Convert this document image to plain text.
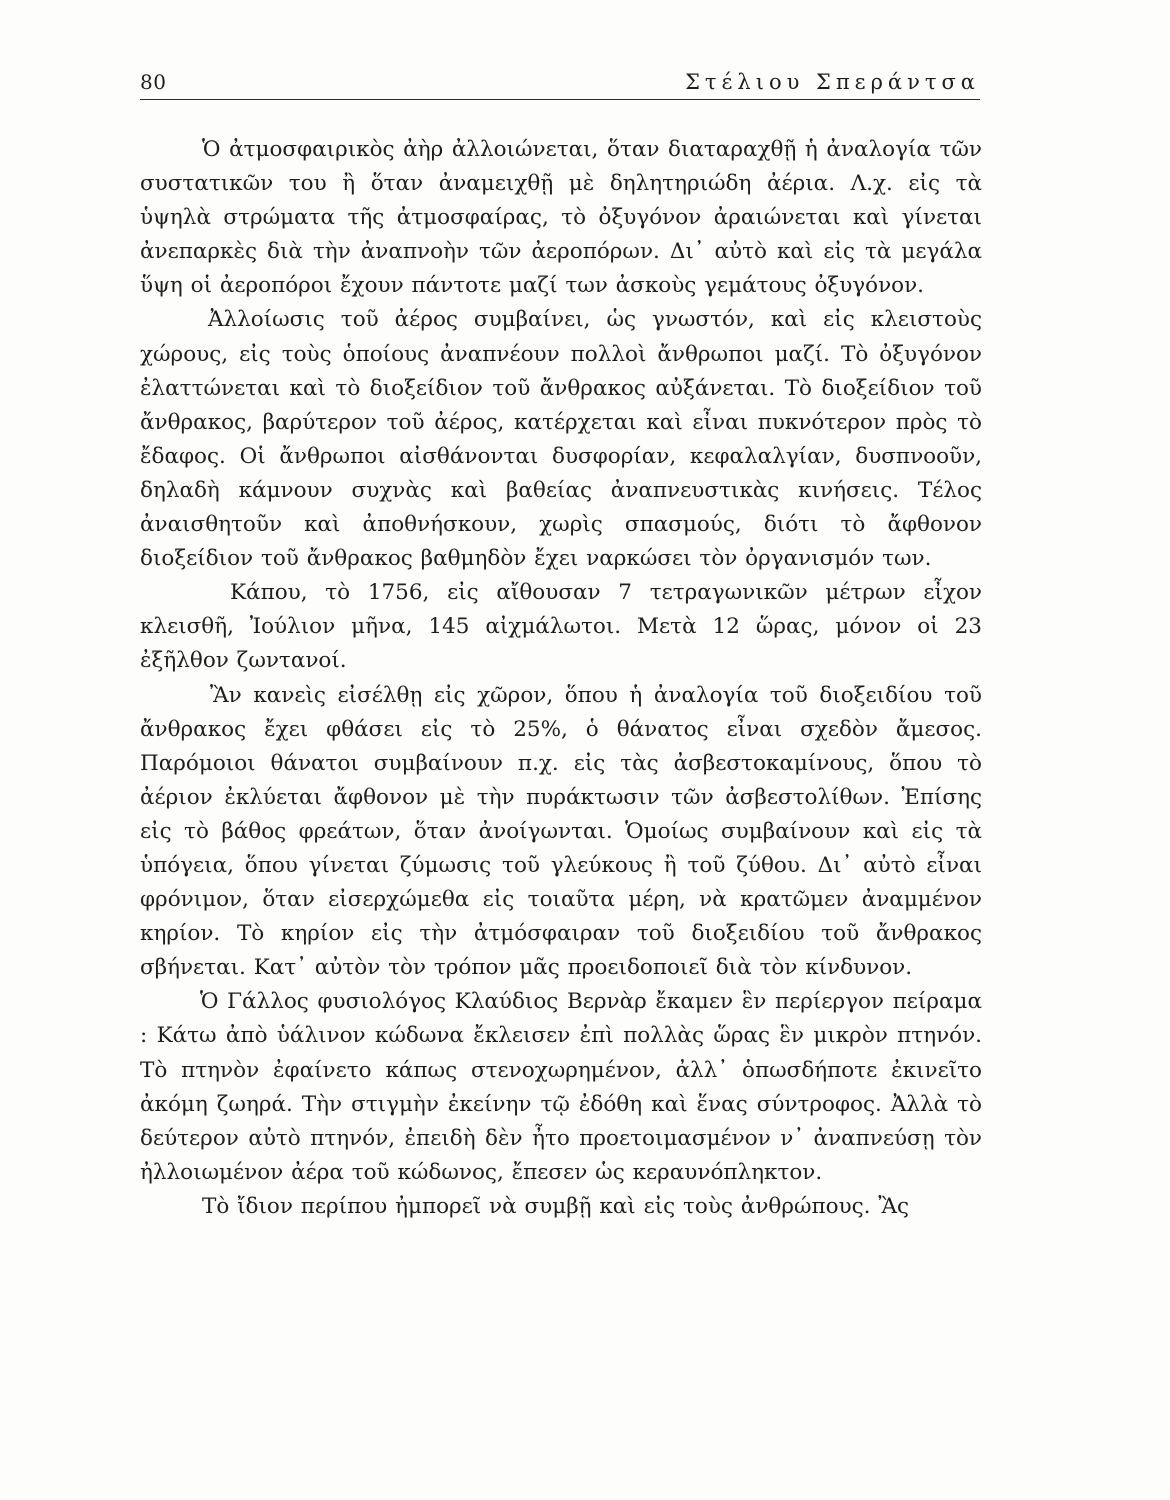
80	Στέλιου Σπεράντσα

Ὁ ἀτμοσφαιρικὸς ἀὴρ ἀλλοιώνεται, ὅταν διαταραχθῇ ἡ ἀναλογία τῶν συστατικῶν του ἢ ὅταν ἀναμειχθῇ μὲ δηλητηριώδη ἀέρια. Λ.χ. εἰς τὰ ὑψηλὰ στρώματα τῆς ἀτμοσφαίρας, τὸ ὀξυγόνον ἀραιώνεται καὶ γίνεται ἀνεπαρκὲς διὰ τὴν ἀναπνοὴν τῶν ἀεροπόρων. Δι᾽ αὐτὸ καὶ εἰς τὰ μεγάλα ὕψη οἱ ἀεροπόροι ἔχουν πάντοτε μαζί των ἀσκοὺς γεμάτους ὀξυγόνον.

Ἀλλοίωσις τοῦ ἀέρος συμβαίνει, ὡς γνωστόν, καὶ εἰς κλειστοὺς χώρους, εἰς τοὺς ὁποίους ἀναπνέουν πολλοὶ ἄνθρωποι μαζί. Τὸ ὀξυγόνον ἐλαττώνεται καὶ τὸ διοξείδιον τοῦ ἄνθρακος αὐξάνεται. Τὸ διοξείδιον τοῦ ἄνθρακος, βαρύτερον τοῦ ἀέρος, κατέρχεται καὶ εἶναι πυκνότερον πρὸς τὸ ἔδαφος. Οἱ ἄνθρωποι αἰσθάνονται δυσφορίαν, κεφαλαλγίαν, δυσπνοοῦν, δηλαδὴ κάμνουν συχνὰς καὶ βαθείας ἀναπνευστικὰς κινήσεις. Τέλος ἀναισθητοῦν καὶ ἀποθνήσκουν, χωρὶς σπασμούς, διότι τὸ ἄφθονον διοξείδιον τοῦ ἄνθρακος βαθμηδὸν ἔχει ναρκώσει τὸν ὀργανισμόν των.

Κάπου, τὸ 1756, εἰς αἴθουσαν 7 τετραγωνικῶν μέτρων εἶχον κλεισθῆ, Ἰούλιον μῆνα, 145 αἰχμάλωτοι. Μετὰ 12 ὥρας, μόνον οἱ 23 ἐξῆλθον ζωντανοί.

Ἂν κανεὶς εἰσέλθῃ εἰς χῶρον, ὅπου ἡ ἀναλογία τοῦ διοξειδίου τοῦ ἄνθρακος ἔχει φθάσει εἰς τὸ 25%, ὁ θάνατος εἶναι σχεδὸν ἄμεσος. Παρόμοιοι θάνατοι συμβαίνουν π.χ. εἰς τὰς ἀσβεστοκαμίνους, ὅπου τὸ ἀέριον ἐκλύεται ἄφθονον μὲ τὴν πυράκτωσιν τῶν ἀσβεστολίθων. Ἐπίσης εἰς τὸ βάθος φρεάτων, ὅταν ἀνοίγωνται. Ὁμοίως συμβαίνουν καὶ εἰς τὰ ὑπόγεια, ὅπου γίνεται ζύμωσις τοῦ γλεύκους ἢ τοῦ ζύθου. Δι᾽ αὐτὸ εἶναι φρόνιμον, ὅταν εἰσερχώμεθα εἰς τοιαῦτα μέρη, νὰ κρατῶμεν ἀναμμένον κηρίον. Τὸ κηρίον εἰς τὴν ἀτμόσφαιραν τοῦ διοξειδίου τοῦ ἄνθρακος σβήνεται. Κατ᾽ αὐτὸν τὸν τρόπον μᾶς προειδοποιεῖ διὰ τὸν κίνδυνον.

Ὁ Γάλλος φυσιολόγος Κλαύδιος Βερνὰρ ἔκαμεν ἓν περίεργον πείραμα : Κάτω ἀπὸ ὑάλινον κώδωνα ἔκλεισεν ἐπὶ πολλὰς ὥρας ἓν μικρὸν πτηνόν. Τὸ πτηνὸν ἐφαίνετο κάπως στενοχωρημένον, ἀλλ᾽ ὁπωσδήποτε ἐκινεῖτο ἀκόμη ζωηρά. Τὴν στιγμὴν ἐκείνην τῷ ἐδόθη καὶ ἕνας σύντροφος. Ἀλλὰ τὸ δεύτερον αὐτὸ πτηνόν, ἐπειδὴ δὲν ἦτο προετοιμασμένον ν᾽ ἀναπνεύσῃ τὸν ἠλλοιωμένον ἀέρα τοῦ κώδωνος, ἔπεσεν ὡς κεραυνόπληκτον.

Τὸ ἴδιον περίπου ἠμπορεῖ νὰ συμβῇ καὶ εἰς τοὺς ἀνθρώπους. Ἂς
